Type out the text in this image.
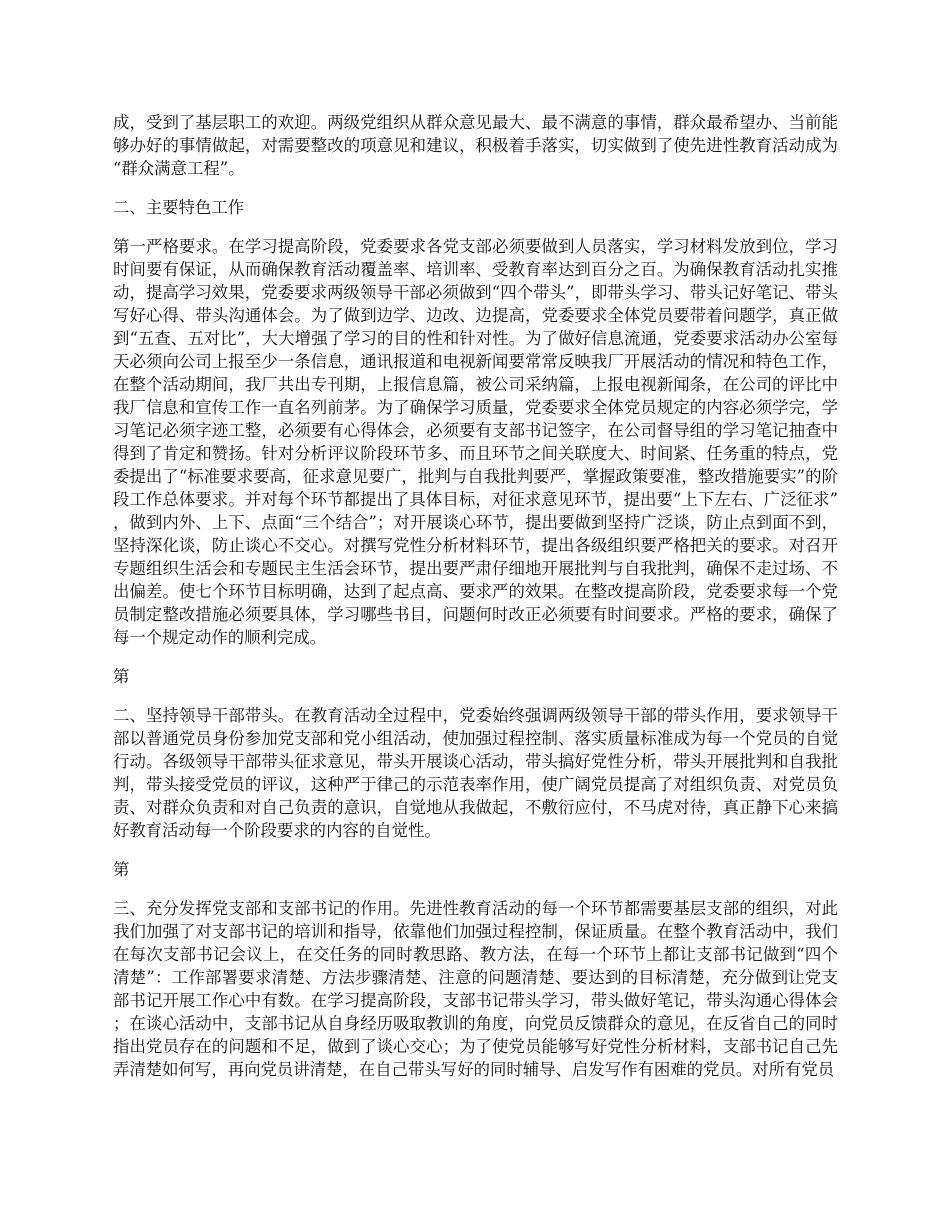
成，受到了基层职工的欢迎。两级党组织从群众意见最大、最不满意的事情，群众最希望办、当前能够办好的事情做起，对需要整改的项意见和建议，积极着手落实，切实做到了使先进性教育活动成为“群众满意工程”。

二、主要特色工作

第一严格要求。在学习提高阶段，党委要求各党支部必须要做到人员落实，学习材料发放到位，学习时间要有保证，从而确保教育活动覆盖率、培训率、受教育率达到百分之百。为确保教育活动扎实推动，提高学习效果，党委要求两级领导干部必须做到“四个带头”，即带头学习、带头记好笔记、带头写好心得、带头沟通体会。为了做到边学、边改、边提高，党委要求全体党员要带着问题学，真正做到“五查、五对比”，大大增强了学习的目的性和针对性。为了做好信息流通，党委要求活动办公室每天必须向公司上报至少一条信息，通讯报道和电视新闻要常常反映我厂开展活动的情况和特色工作，在整个活动期间，我厂共出专刊期，上报信息篇，被公司采纳篇，上报电视新闻条，在公司的评比中我厂信息和宣传工作一直名列前茅。为了确保学习质量，党委要求全体党员规定的内容必须学完，学习笔记必须字迹工整，必须要有心得体会，必须要有支部书记签字，在公司督导组的学习笔记抽查中得到了肯定和赞扬。针对分析评议阶段环节多、而且环节之间关联度大、时间紧、任务重的特点，党委提出了“标准要求要高，征求意见要广，批判与自我批判要严，掌握政策要准，整改措施要实”的阶段工作总体要求。并对每个环节都提出了具体目标，对征求意见环节，提出要“上下左右、广泛征求”，做到内外、上下、点面“三个结合”；对开展谈心环节，提出要做到坚持广泛谈，防止点到面不到，坚持深化谈，防止谈心不交心。对撰写党性分析材料环节，提出各级组织要严格把关的要求。对召开专题组织生活会和专题民主生活会环节，提出要严肃仔细地开展批判与自我批判，确保不走过场、不出偏差。使七个环节目标明确，达到了起点高、要求严的效果。在整改提高阶段，党委要求每一个党员制定整改措施必须要具体，学习哪些书目，问题何时改正必须要有时间要求。严格的要求，确保了每一个规定动作的顺利完成。

第

二、坚持领导干部带头。在教育活动全过程中，党委始终强调两级领导干部的带头作用，要求领导干部以普通党员身份参加党支部和党小组活动，使加强过程控制、落实质量标准成为每一个党员的自觉行动。各级领导干部带头征求意见，带头开展谈心活动，带头搞好党性分析，带头开展批判和自我批判，带头接受党员的评议，这种严于律己的示范表率作用，使广阔党员提高了对组织负责、对党员负责、对群众负责和对自己负责的意识，自觉地从我做起，不敷衍应付，不马虎对待，真正静下心来搞好教育活动每一个阶段要求的内容的自觉性。

第

三、充分发挥党支部和支部书记的作用。先进性教育活动的每一个环节都需要基层支部的组织，对此我们加强了对支部书记的培训和指导，依靠他们加强过程控制，保证质量。在整个教育活动中，我们在每次支部书记会议上，在交任务的同时教思路、教方法，在每一个环节上都让支部书记做到“四个清楚”：工作部署要求清楚、方法步骤清楚、注意的问题清楚、要达到的目标清楚，充分做到让党支部书记开展工作心中有数。在学习提高阶段，支部书记带头学习，带头做好笔记，带头沟通心得体会；在谈心活动中，支部书记从自身经历吸取教训的角度，向党员反馈群众的意见，在反省自己的同时指出党员存在的问题和不足，做到了谈心交心；为了使党员能够写好党性分析材料，支部书记自己先弄清楚如何写，再向党员讲清楚，在自己带头写好的同时辅导、启发写作有困难的党员。对所有党员
